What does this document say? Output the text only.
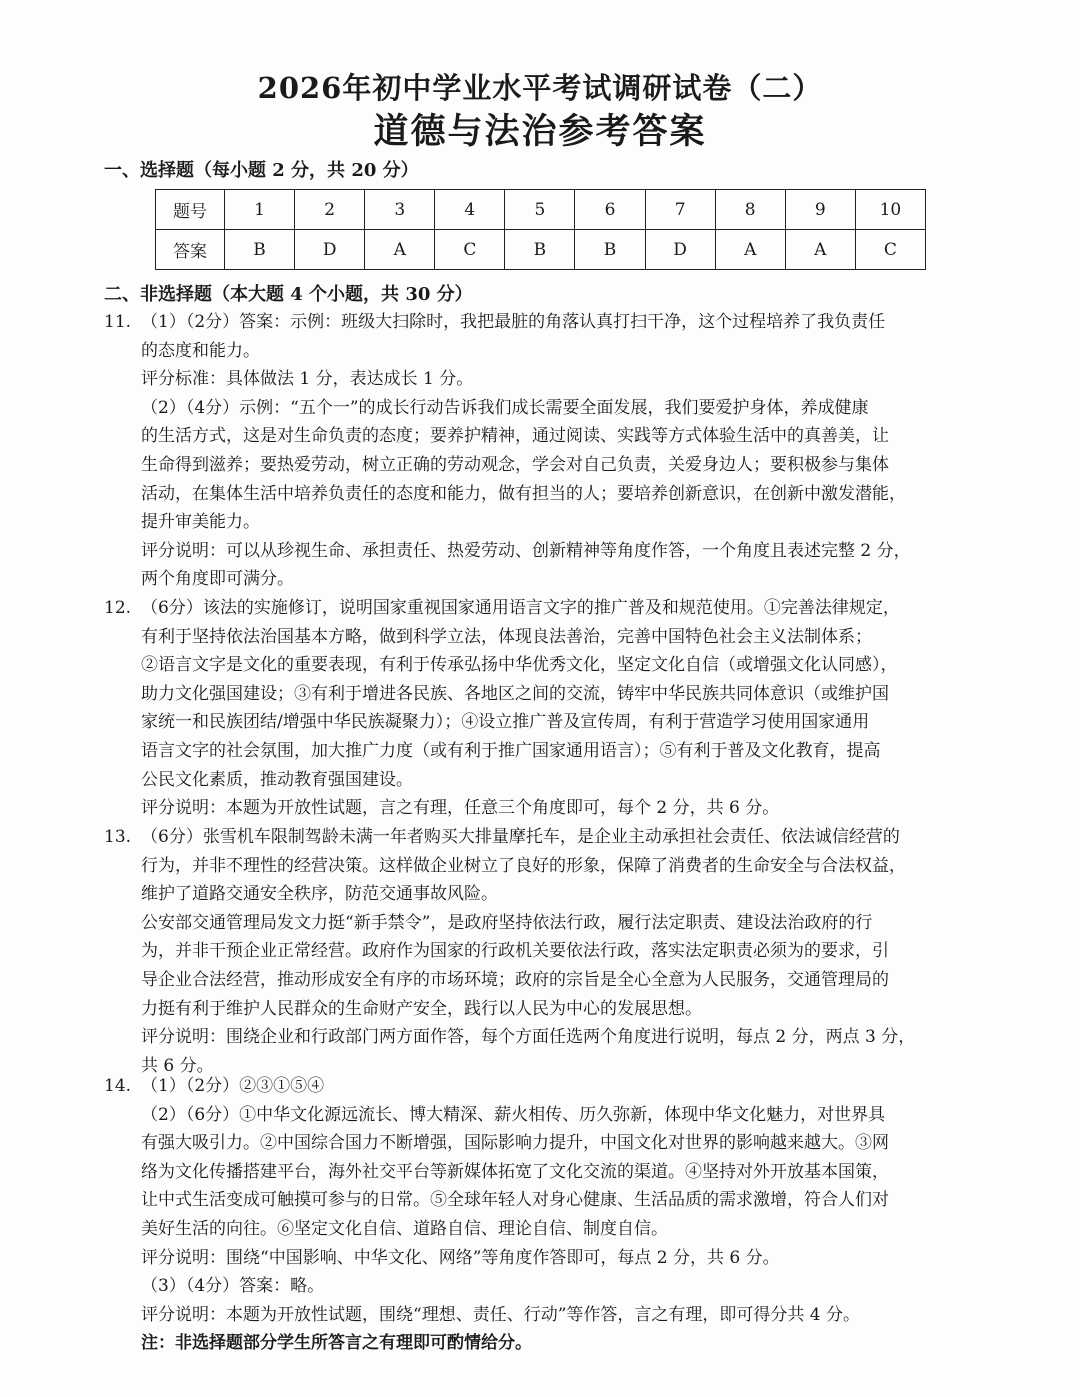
2026年初中学业水平考试调研试卷（二）
道德与法治参考答案
一、选择题（每小题 2 分，共 20 分）
题号	1	2	3	4	5	6	7	8	9	10
答案	B	D	A	C	B	B	D	A	A	C
二、非选择题（本大题 4 个小题，共 30 分）
11. （1）（2分）答案：示例：班级大扫除时，我把最脏的角落认真打扫干净，这个过程培养了我负责任
的态度和能力。
评分标准：具体做法 1 分，表达成长 1 分。
（2）（4分）示例：“五个一”的成长行动告诉我们成长需要全面发展，我们要爱护身体，养成健康
的生活方式，这是对生命负责的态度；要养护精神，通过阅读、实践等方式体验生活中的真善美，让
生命得到滋养；要热爱劳动，树立正确的劳动观念，学会对自己负责，关爱身边人；要积极参与集体
活动，在集体生活中培养负责任的态度和能力，做有担当的人；要培养创新意识，在创新中激发潜能，
提升审美能力。
评分说明：可以从珍视生命、承担责任、热爱劳动、创新精神等角度作答，一个角度且表述完整 2 分，
两个角度即可满分。
12. （6分）该法的实施修订，说明国家重视国家通用语言文字的推广普及和规范使用。①完善法律规定，
有利于坚持依法治国基本方略，做到科学立法，体现良法善治，完善中国特色社会主义法制体系；
②语言文字是文化的重要表现，有利于传承弘扬中华优秀文化，坚定文化自信（或增强文化认同感），
助力文化强国建设；③有利于增进各民族、各地区之间的交流，铸牢中华民族共同体意识（或维护国
家统一和民族团结/增强中华民族凝聚力）；④设立推广普及宣传周，有利于营造学习使用国家通用
语言文字的社会氛围，加大推广力度（或有利于推广国家通用语言）；⑤有利于普及文化教育，提高
公民文化素质，推动教育强国建设。
评分说明：本题为开放性试题，言之有理，任意三个角度即可，每个 2 分，共 6 分。
13. （6分）张雪机车限制驾龄未满一年者购买大排量摩托车，是企业主动承担社会责任、依法诚信经营的
行为，并非不理性的经营决策。这样做企业树立了良好的形象，保障了消费者的生命安全与合法权益，
维护了道路交通安全秩序，防范交通事故风险。
公安部交通管理局发文力挺“新手禁令”，是政府坚持依法行政，履行法定职责、建设法治政府的行
为，并非干预企业正常经营。政府作为国家的行政机关要依法行政，落实法定职责必须为的要求，引
导企业合法经营，推动形成安全有序的市场环境；政府的宗旨是全心全意为人民服务，交通管理局的
力挺有利于维护人民群众的生命财产安全，践行以人民为中心的发展思想。
评分说明：围绕企业和行政部门两方面作答，每个方面任选两个角度进行说明，每点 2 分，两点 3 分，
共 6 分。
14. （1）（2分）②③①⑤④
（2）（6分）①中华文化源远流长、博大精深、薪火相传、历久弥新，体现中华文化魅力，对世界具
有强大吸引力。②中国综合国力不断增强，国际影响力提升，中国文化对世界的影响越来越大。③网
络为文化传播搭建平台，海外社交平台等新媒体拓宽了文化交流的渠道。④坚持对外开放基本国策，
让中式生活变成可触摸可参与的日常。⑤全球年轻人对身心健康、生活品质的需求激增，符合人们对
美好生活的向往。⑥坚定文化自信、道路自信、理论自信、制度自信。
评分说明：围绕“中国影响、中华文化、网络”等角度作答即可，每点 2 分，共 6 分。
（3）（4分）答案：略。
评分说明：本题为开放性试题，围绕“理想、责任、行动”等作答，言之有理，即可得分共 4 分。
注：非选择题部分学生所答言之有理即可酌情给分。
